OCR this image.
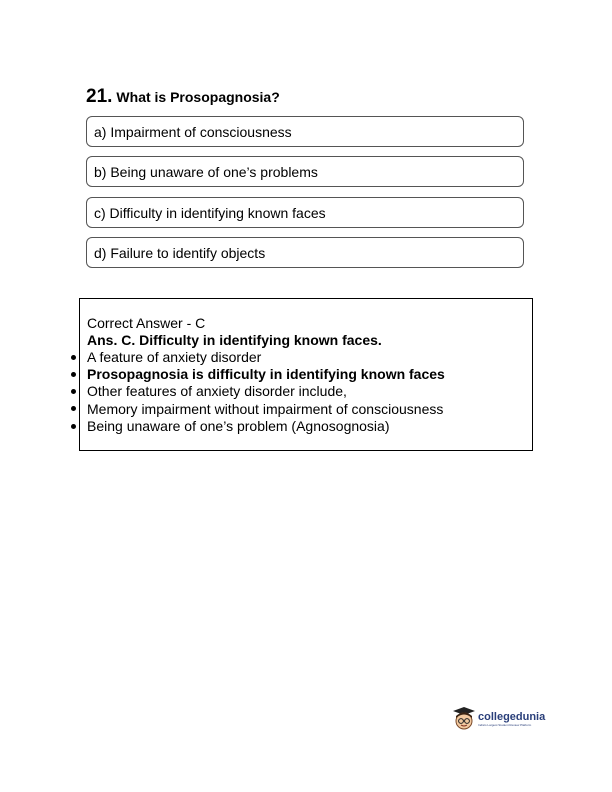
21. What is Prosopagnosia?
a) Impairment of consciousness
b) Being unaware of one’s problems
c) Difficulty in identifying known faces
d) Failure to identify objects
Correct Answer - C
Ans. C. Difficulty in identifying known faces.
A feature of anxiety disorder
Prosopagnosia is difficulty in identifying known faces
Other features of anxiety disorder include,
Memory impairment without impairment of consciousness
Being unaware of one’s problem (Agnosognosia)
collegedunia
India's Largest Student Review Platform
